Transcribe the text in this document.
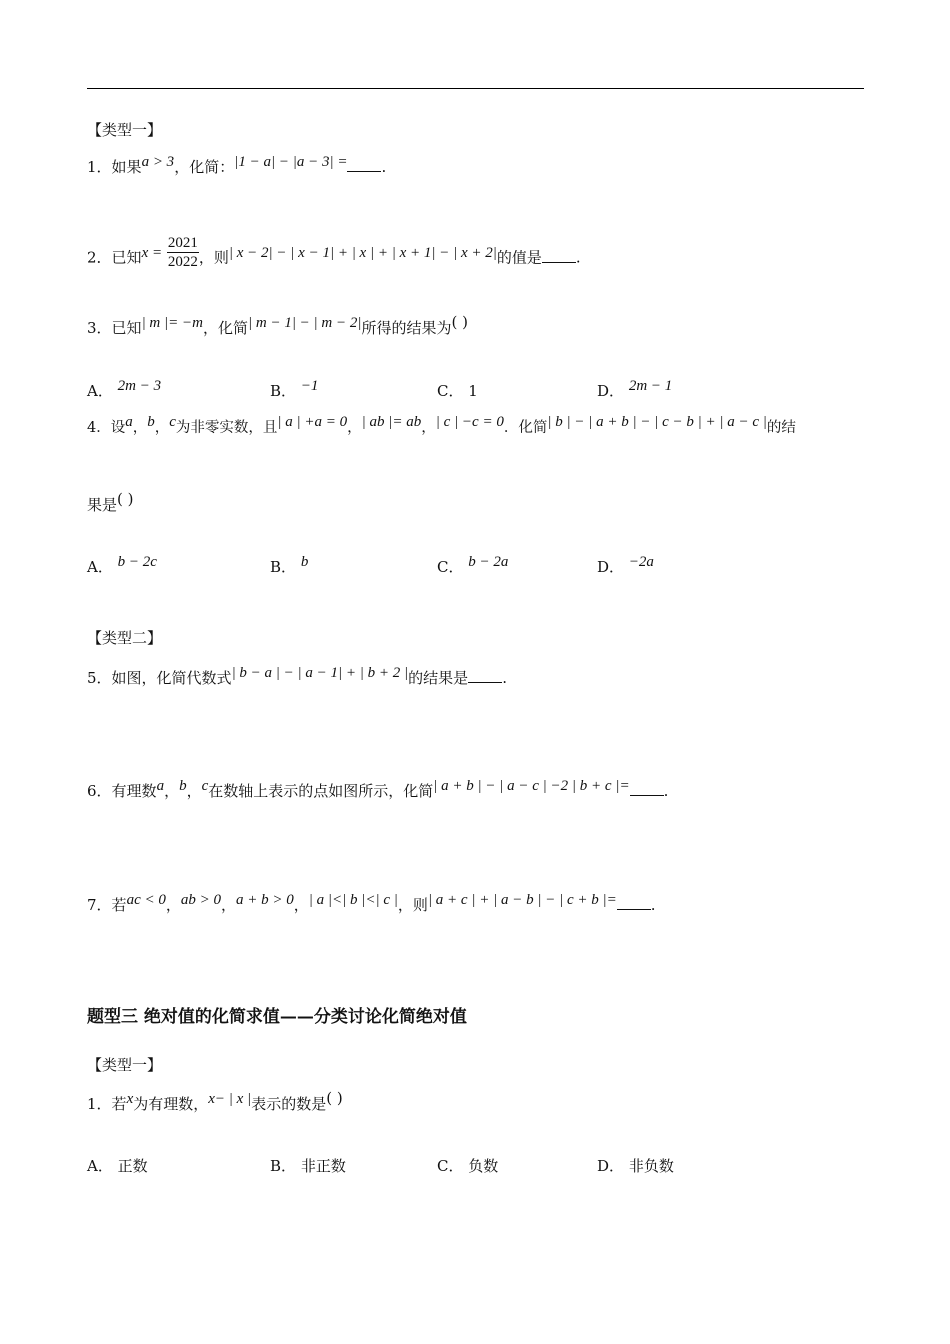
【类型一】
1．如果a > 3，化简：|1 − a| − |a − 3| = .
2．已知$x = \frac{2021}{2022}$ ，则| x − 2| − | x − 1| + | x | + | x + 1| − | x + 2|的值是 .
3．已知| m |= −m，化简| m − 1| − | m − 2|所得的结果为( )
A． 2m − 3	B． −1	C． 1	D． 2m − 1
4．设a，b，c为非零实数，且| a | +a = 0，| ab |= ab，| c | −c = 0．化简| b | − | a + b | − | c − b | + | a − c |的结
果是( )
A． b − 2c	B． b	C． b − 2a	D． −2a
【类型二】
5．如图，化简代数式| b − a | − | a − 1| + | b + 2 |的结果是 .
6．有理数a，b，c在数轴上表示的点如图所示，化简| a + b | − | a − c | −2 | b + c |= .
7．若ac < 0，ab > 0，a + b > 0，| a |<| b |<| c |，则| a + c | + | a − b | − | c + b |= .
题型三 绝对值的化简求值——分类讨论化简绝对值
【类型一】
1．若x为有理数，x− | x |表示的数是( )
A． 正数	B． 非正数	C． 负数	D． 非负数
